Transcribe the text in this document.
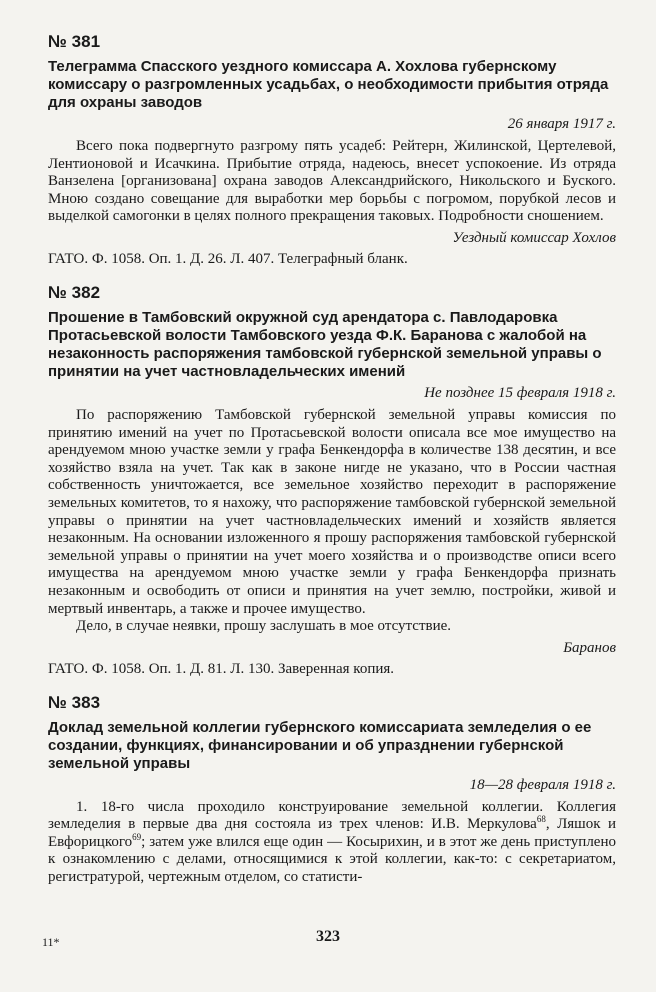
№ 381
Телеграмма Спасского уездного комиссара А. Хохлова губернскому комиссару о разгромленных усадьбах, о необходимости прибытия отряда для охраны заводов
26 января 1917 г.

Всего пока подвергнуто разгрому пять усадеб: Рейтерн, Жилинской, Цертелевой, Лентионовой и Исачкина. Прибытие отряда, надеюсь, внесет успокоение. Из отряда Ванзелена [организована] охрана заводов Александрийского, Никольского и Буского. Мною создано совещание для выработки мер борьбы с погромом, порубкой лесов и выделкой самогонки в целях полного прекращения таковых. Подробности сношением.

Уездный комиссар Хохлов
ГАТО. Ф. 1058. Оп. 1. Д. 26. Л. 407. Телеграфный бланк.
№ 382
Прошение в Тамбовский окружной суд арендатора с. Павлодаровка Протасьевской волости Тамбовского уезда Ф.К. Баранова с жалобой на незаконность распоряжения тамбовской губернской земельной управы о принятии на учет частновладельческих имений
Не позднее 15 февраля 1918 г.

По распоряжению Тамбовской губернской земельной управы комиссия по принятию имений на учет по Протасьевской волости описала все мое имущество на арендуемом мною участке земли у графа Бенкендорфа в количестве 138 десятин, и все хозяйство взяла на учет. Так как в законе нигде не указано, что в России частная собственность уничтожается, все земельное хозяйство переходит в распоряжение земельных комитетов, то я нахожу, что распоряжение тамбовской губернской земельной управы о принятии на учет частновладельческих имений и хозяйств является незаконным. На основании изложенного я прошу распоряжения тамбовской губернской земельной управы о принятии на учет моего хозяйства и о производстве описи всего имущества на арендуемом мною участке земли у графа Бенкендорфа признать незаконным и освободить от описи и принятия на учет землю, постройки, живой и мертвый инвентарь, а также и прочее имущество.

Дело, в случае неявки, прошу заслушать в мое отсутствие.

Баранов
ГАТО. Ф. 1058. Оп. 1. Д. 81. Л. 130. Заверенная копия.
№ 383
Доклад земельной коллегии губернского комиссариата земледелия о ее создании, функциях, финансировании и об упразднении губернской земельной управы
18—28 февраля 1918 г.

1. 18-го числа проходило конструирование земельной коллегии. Коллегия земледелия в первые два дня состояла из трех членов: И.В. Меркулова$^{68}$, Ляшок и Евфорицкого$^{69}$; затем уже влился еще один — Косырихин, и в этот же день приступлено к ознакомлению с делами, относящимися к этой коллегии, как-то: с секретариатом, регистратурой, чертежным отделом, со статисти-

11*	323
